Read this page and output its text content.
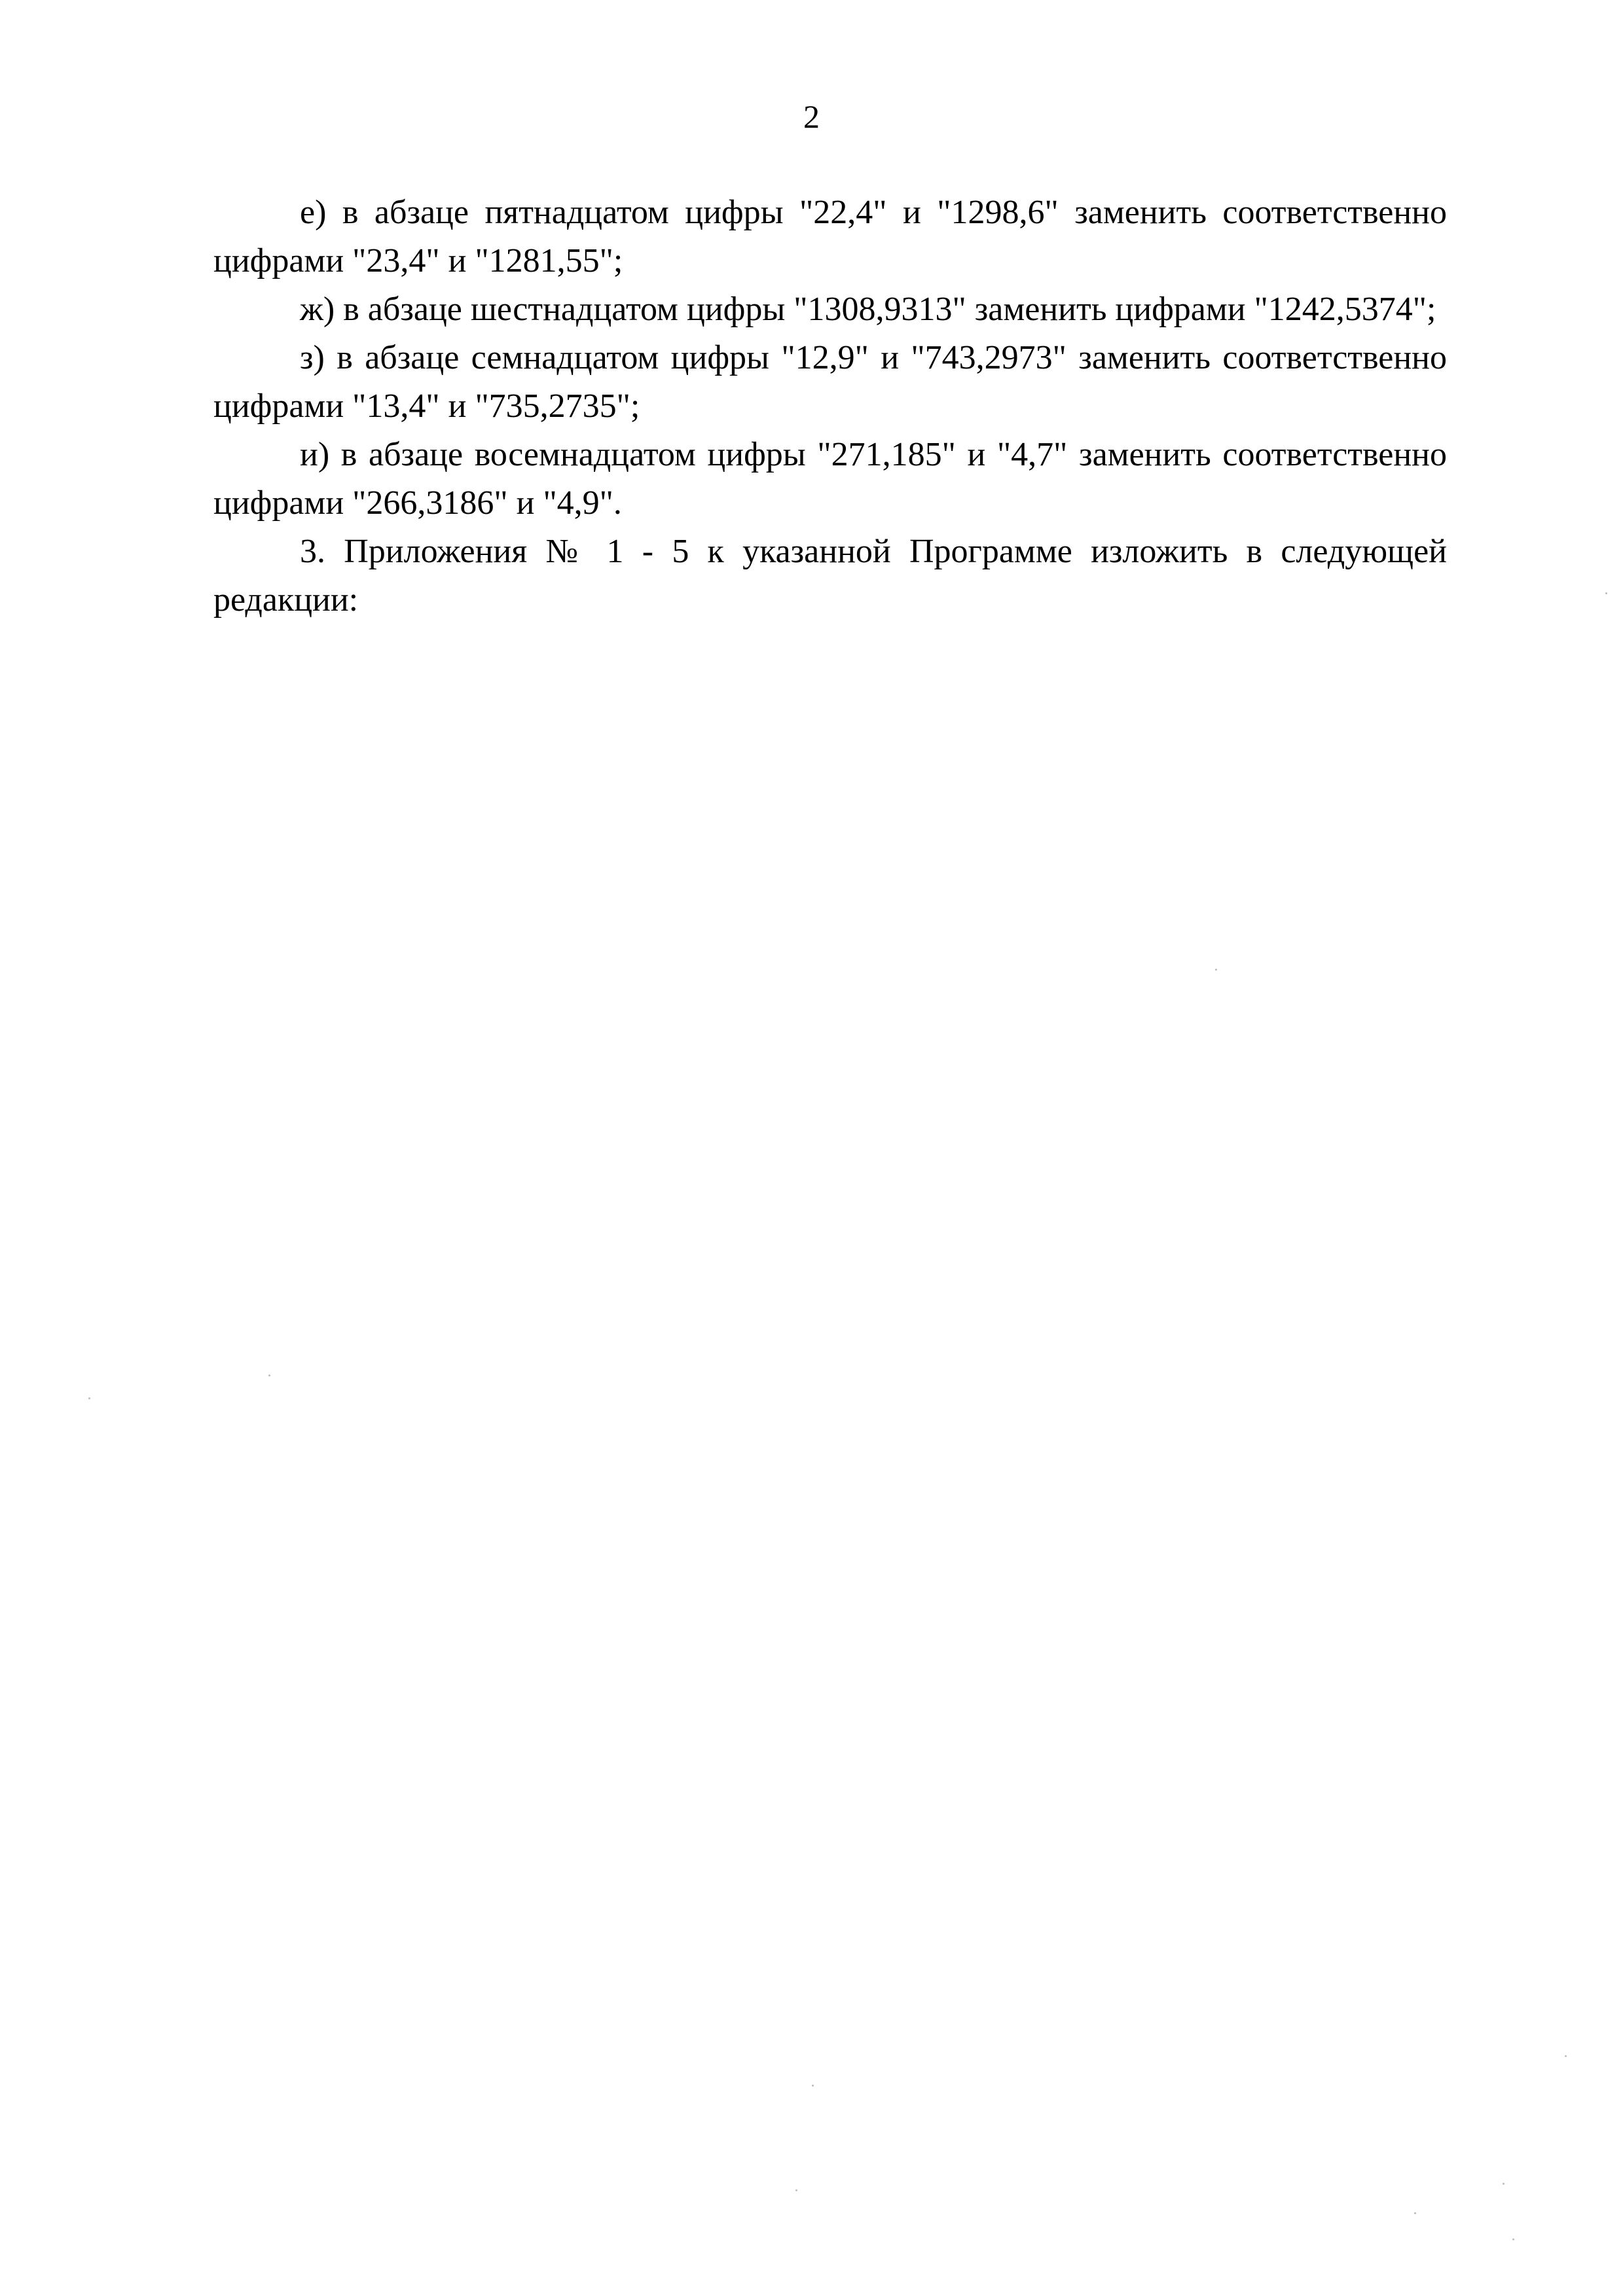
2

е) в абзаце пятнадцатом цифры "22,4" и "1298,6" заменить соответственно цифрами "23,4" и "1281,55";

ж) в абзаце шестнадцатом цифры "1308,9313" заменить цифрами "1242,5374";

з) в абзаце семнадцатом цифры "12,9" и "743,2973" заменить соответственно цифрами "13,4" и "735,2735";

и) в абзаце восемнадцатом цифры "271,185" и "4,7" заменить соответственно цифрами "266,3186" и "4,9".

3. Приложения № 1 - 5 к указанной Программе изложить в следующей редакции:
